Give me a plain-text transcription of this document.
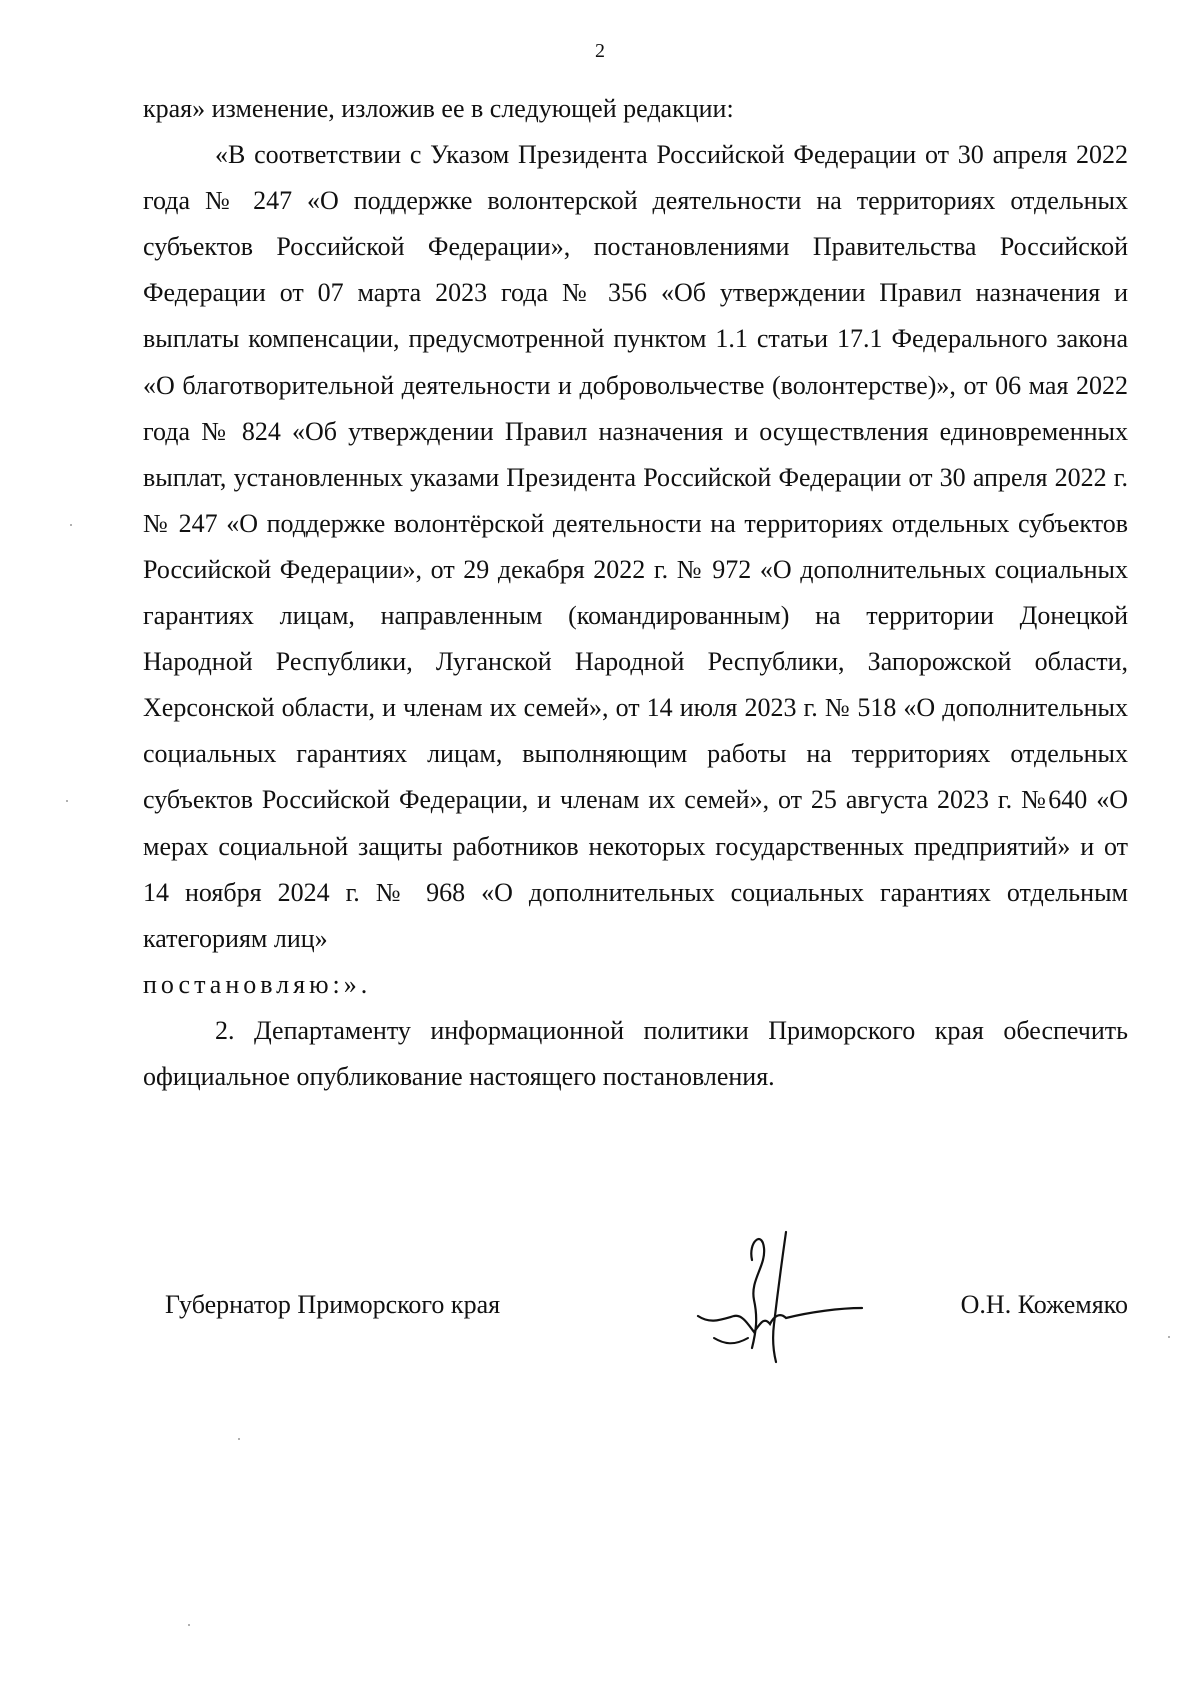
2

края» изменение, изложив ее в следующей редакции:

«В соответствии с Указом Президента Российской Федерации от 30 апреля 2022 года № 247 «О поддержке волонтерской деятельности на территориях отдельных субъектов Российской Федерации», постановлениями Правительства Российской Федерации от 07 марта 2023 года № 356 «Об утверждении Правил назначения и выплаты компенсации, предусмотренной пунктом 1.1 статьи 17.1 Федерального закона «О благотворительной деятельности и добровольчестве (волонтерстве)», от 06 мая 2022 года № 824 «Об утверждении Правил назначения и осуществления единовременных выплат, установленных указами Президента Российской Федерации от 30 апреля 2022 г. № 247 «О поддержке волонтёрской деятельности на территориях отдельных субъектов Российской Федерации», от 29 декабря 2022 г. № 972 «О дополнительных социальных гарантиях лицам, направленным (командированным) на территории Донецкой Народной Республики, Луганской Народной Республики, Запорожской области, Херсонской области, и членам их семей», от 14 июля 2023 г. № 518 «О дополнительных социальных гарантиях лицам, выполняющим работы на территориях отдельных субъектов Российской Федерации, и членам их семей», от 25 августа 2023 г. №640 «О мерах социальной защиты работников некоторых государственных предприятий» и от 14 ноября 2024 г. № 968 «О дополнительных социальных гарантиях отдельным категориям лиц»

постановляю:».

2. Департаменту информационной политики Приморского края обеспечить официальное опубликование настоящего постановления.

Губернатор Приморского края	О.Н. Кожемяко
